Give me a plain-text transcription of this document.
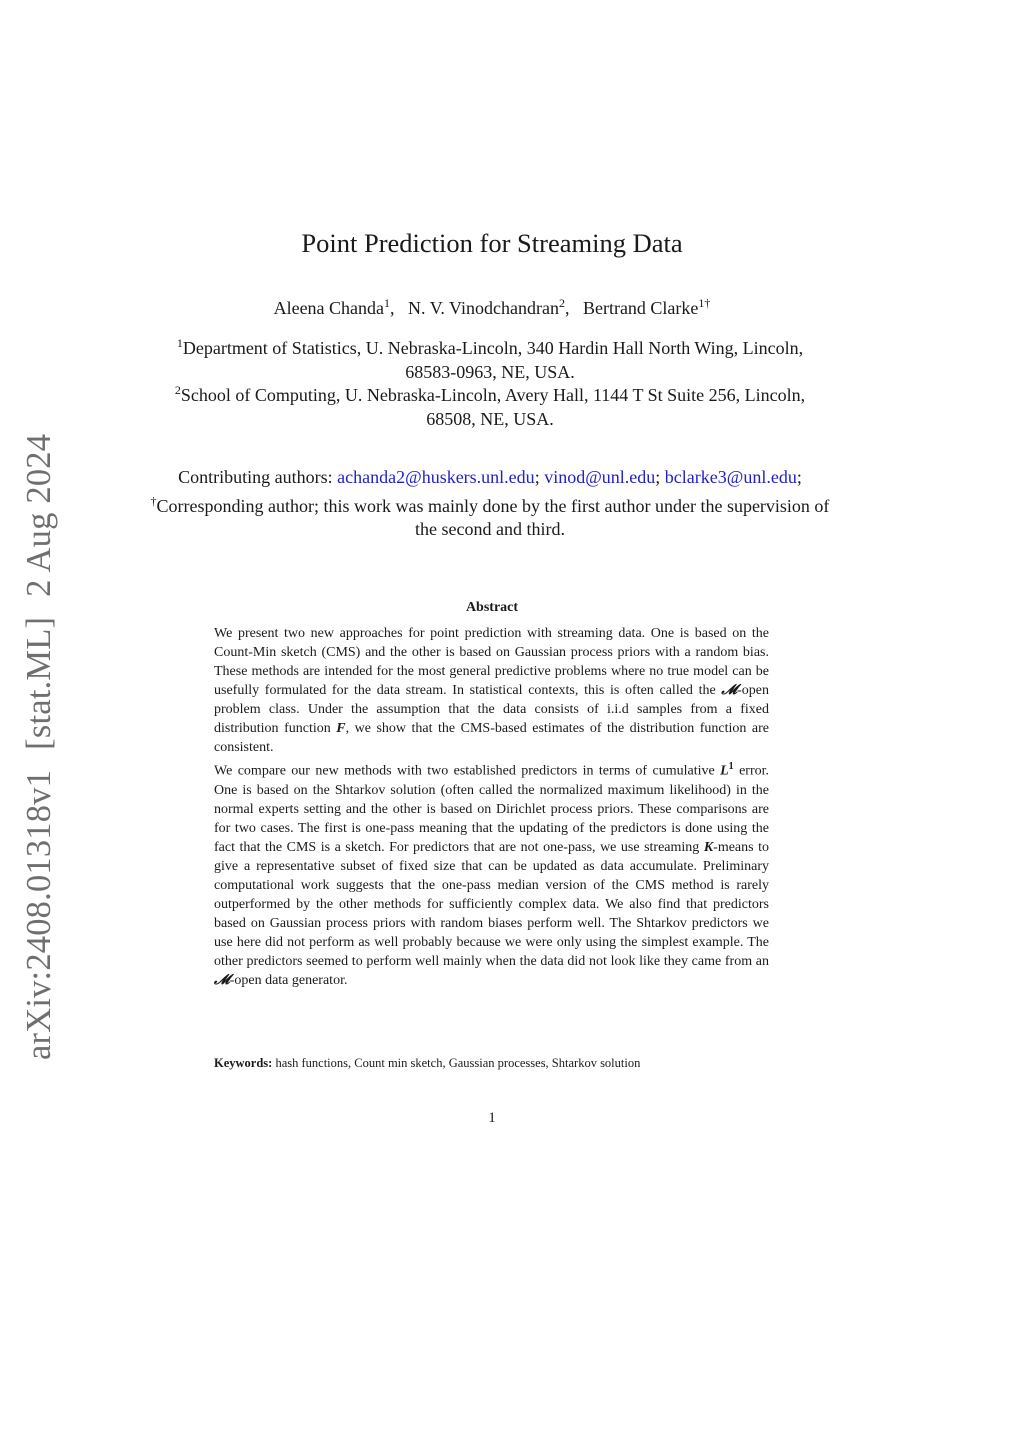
arXiv:2408.01318v1[stat.ML]2 Aug 2024
Point Prediction for Streaming Data
Aleena Chanda$^1$,   N. V. Vinodchandran$^2$,   Bertrand Clarke$^{1\dagger}$
$^1$Department of Statistics, U. Nebraska-Lincoln, 340 Hardin Hall North Wing, Lincoln, 68583-0963, NE, USA.
$^2$School of Computing, U. Nebraska-Lincoln, Avery Hall, 1144 T St Suite 256, Lincoln, 68508, NE, USA.
Contributing authors: achanda2@huskers.unl.edu; vinod@unl.edu; bclarke3@unl.edu;
†Corresponding author; this work was mainly done by the first author under the supervision of the second and third.
Abstract

We present two new approaches for point prediction with streaming data. One is based on the Count-Min sketch (CMS) and the other is based on Gaussian process priors with a random bias. These methods are intended for the most general predictive problems where no true model can be usefully formulated for the data stream. In statistical contexts, this is often called the 𝓜-open problem class. Under the assumption that the data consists of i.i.d samples from a fixed distribution function F, we show that the CMS-based estimates of the distribution function are consistent.

We compare our new methods with two established predictors in terms of cumulative $L^1$ error. One is based on the Shtarkov solution (often called the normalized maximum likelihood) in the normal experts setting and the other is based on Dirichlet process priors. These comparisons are for two cases. The first is one-pass meaning that the updating of the predictors is done using the fact that the CMS is a sketch. For predictors that are not one-pass, we use streaming K-means to give a representative subset of fixed size that can be updated as data accumulate. Preliminary computational work suggests that the one-pass median version of the CMS method is rarely outperformed by the other methods for sufficiently complex data. We also find that predictors based on Gaussian process priors with random biases perform well. The Shtarkov predictors we use here did not perform as well probably because we were only using the simplest example. The other predictors seemed to perform well mainly when the data did not look like they came from an 𝓜-open data generator.

Keywords: hash functions, Count min sketch, Gaussian processes, Shtarkov solution
1
